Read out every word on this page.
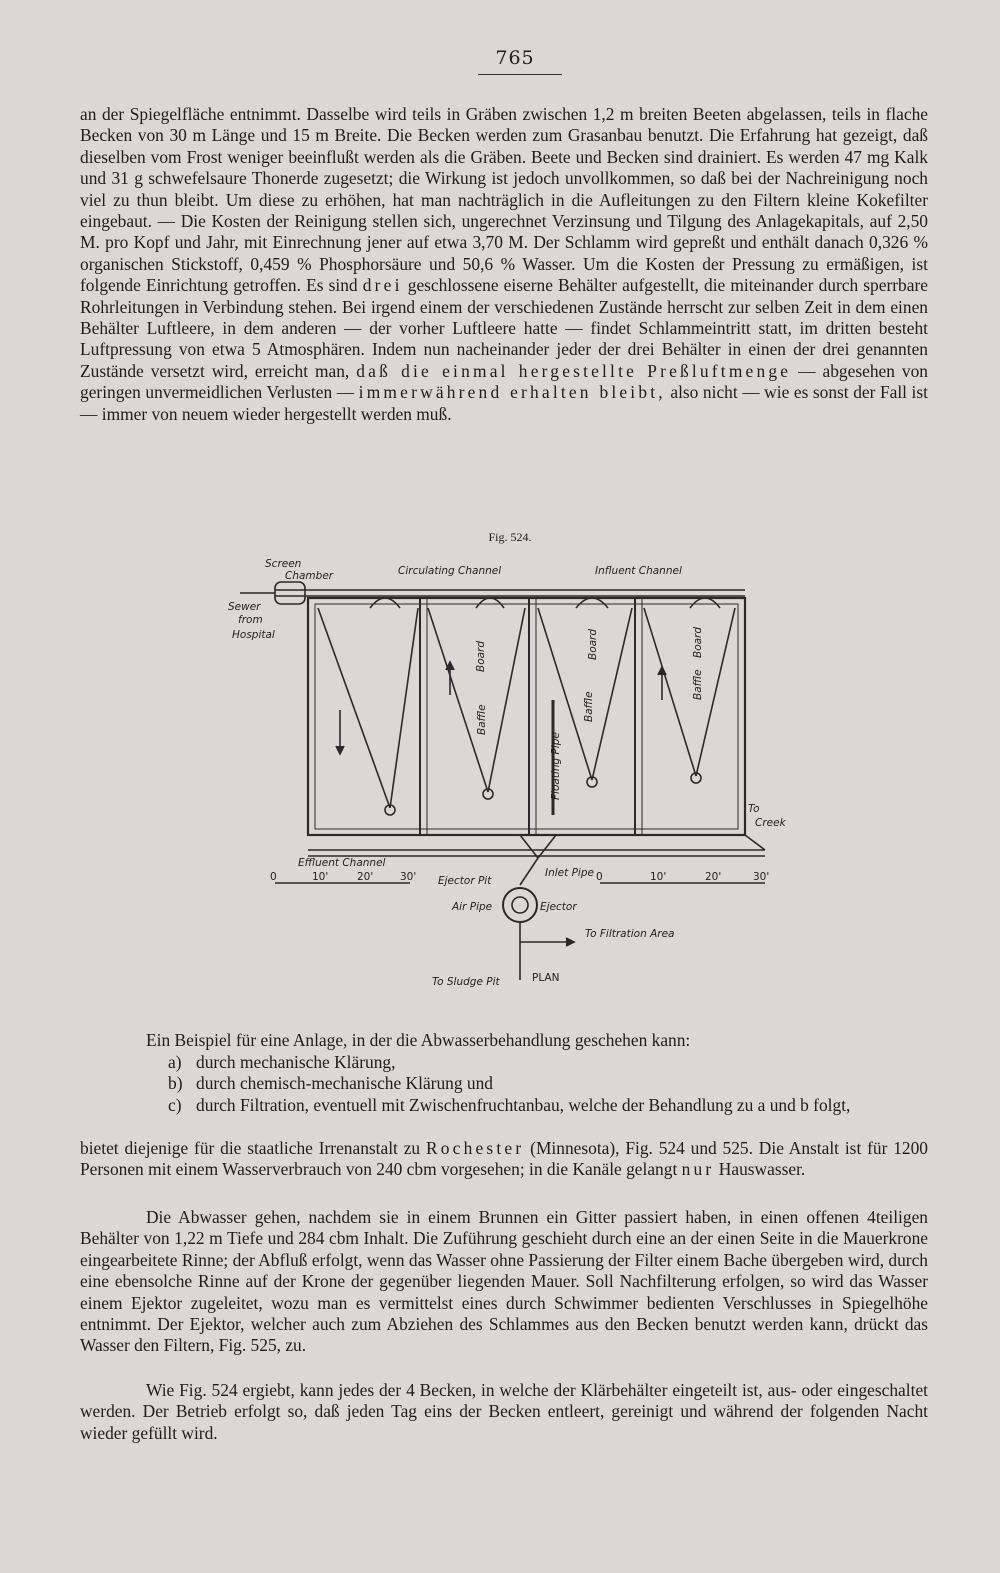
765

an der Spiegelfläche entnimmt. Dasselbe wird teils in Gräben zwischen 1,2 m breiten Beeten abgelassen, teils in flache Becken von 30 m Länge und 15 m Breite. Die Becken werden zum Grasanbau benutzt. Die Erfahrung hat gezeigt, daß dieselben vom Frost weniger beeinflußt werden als die Gräben. Beete und Becken sind drainiert. Es werden 47 mg Kalk und 31 g schwefelsaure Thonerde zugesetzt; die Wirkung ist jedoch unvollkommen, so daß bei der Nachreinigung noch viel zu thun bleibt. Um diese zu erhöhen, hat man nachträglich in die Aufleitungen zu den Filtern kleine Kokefilter eingebaut. — Die Kosten der Reinigung stellen sich, ungerechnet Verzinsung und Tilgung des Anlagekapitals, auf 2,50 M. pro Kopf und Jahr, mit Einrechnung jener auf etwa 3,70 M. Der Schlamm wird gepreßt und enthält danach 0,326 % organischen Stickstoff, 0,459 % Phosphorsäure und 50,6 % Wasser. Um die Kosten der Pressung zu ermäßigen, ist folgende Einrichtung getroffen. Es sind drei geschlossene eiserne Behälter aufgestellt, die miteinander durch sperrbare Rohrleitungen in Verbindung stehen. Bei irgend einem der verschiedenen Zustände herrscht zur selben Zeit in dem einen Behälter Luftleere, in dem anderen — der vorher Luftleere hatte — findet Schlammeintritt statt, im dritten besteht Luftpressung von etwa 5 Atmosphären. Indem nun nacheinander jeder der drei Behälter in einen der drei genannten Zustände versetzt wird, erreicht man, daß die einmal hergestellte Preßluftmenge — abgesehen von geringen unvermeidlichen Verlusten — immerwährend erhalten bleibt, also nicht — wie es sonst der Fall ist — immer von neuem wieder hergestellt werden muß.

Fig. 524.
Screen
Chamber	Circulating Channel	Influent Channel
Sewer
from
Hospital
Baffle
Board
Baffle
Board
Floating Pipe
Baffle
Board
To
Creek
Effluent Channel
Ejector Pit
Inlet Pipe
Air Pipe	Ejector
To Filtration Area
To Sludge Pit	PLAN
0	10'	20'	30'	0	10'	20'	30'

Ein Beispiel für eine Anlage, in der die Abwasserbehandlung geschehen kann:

a) durch mechanische Klärung,
b) durch chemisch-mechanische Klärung und
c) durch Filtration, eventuell mit Zwischenfruchtanbau, welche der Behandlung zu a und b folgt,

bietet diejenige für die staatliche Irrenanstalt zu Rochester (Minnesota), Fig. 524 und 525. Die Anstalt ist für 1200 Personen mit einem Wasserverbrauch von 240 cbm vorgesehen; in die Kanäle gelangt nur Hauswasser.

Die Abwasser gehen, nachdem sie in einem Brunnen ein Gitter passiert haben, in einen offenen 4teiligen Behälter von 1,22 m Tiefe und 284 cbm Inhalt. Die Zuführung geschieht durch eine an der einen Seite in die Mauerkrone eingearbeitete Rinne; der Abfluß erfolgt, wenn das Wasser ohne Passierung der Filter einem Bache übergeben wird, durch eine ebensolche Rinne auf der Krone der gegenüber liegenden Mauer. Soll Nachfilterung erfolgen, so wird das Wasser einem Ejektor zugeleitet, wozu man es vermittelst eines durch Schwimmer bedienten Verschlusses in Spiegelhöhe entnimmt. Der Ejektor, welcher auch zum Abziehen des Schlammes aus den Becken benutzt werden kann, drückt das Wasser den Filtern, Fig. 525, zu.

Wie Fig. 524 ergiebt, kann jedes der 4 Becken, in welche der Klärbehälter eingeteilt ist, aus- oder eingeschaltet werden. Der Betrieb erfolgt so, daß jeden Tag eins der Becken entleert, gereinigt und während der folgenden Nacht wieder gefüllt wird.
